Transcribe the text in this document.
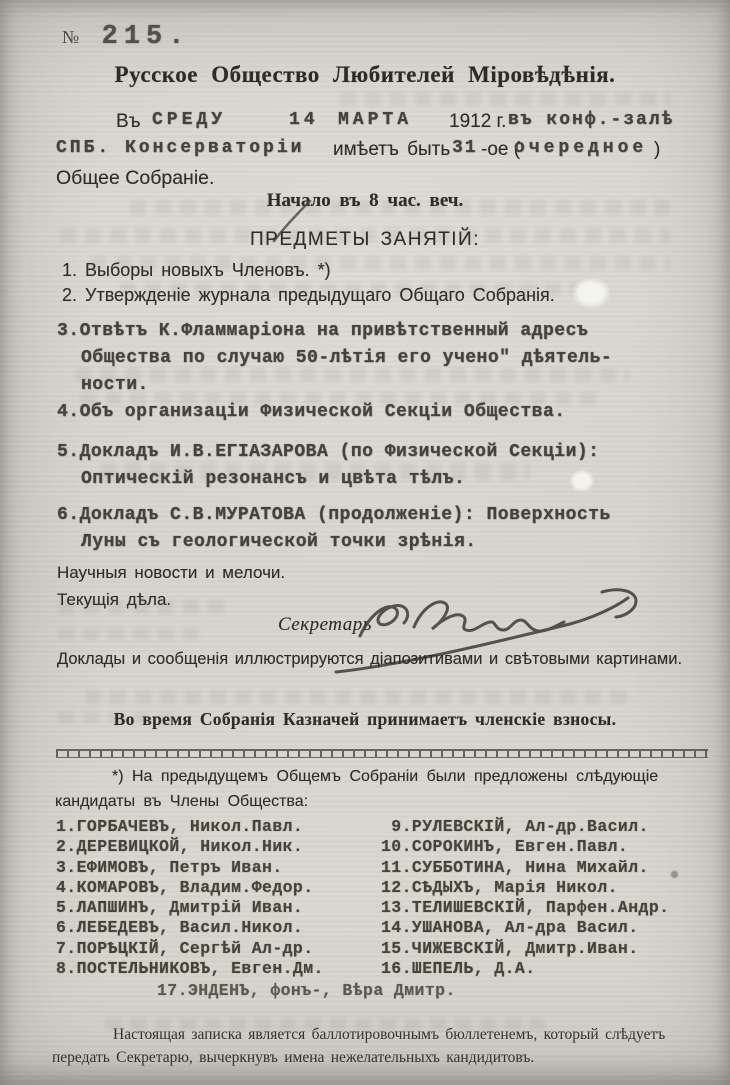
№ 215.
Русское Общество Любителей Міровѣдѣнія.
Въ СРЕДУ	14 МАРТА 1912 г. въ конф.-залѣ
СПБ. Консерваторіи имѣетъ быть 31 -ое (
очередное )
Общее Собраніе.
Начало въ 8 час. веч.
ПРЕДМЕТЫ ЗАНЯТІЙ:
1. Выборы новыхъ Членовъ. *)
2. Утвержденіе журнала предыдущаго Общаго Собранія.
3.Отвѣтъ К.Фламмаріона на привѣтственный адресъ
Общества по случаю 50-лѣтія его учено" дѣятель-
ности.
4.Объ организаціи Физической Секціи Общества.
5.Докладъ И.В.ЕГІАЗАРОВА (по Физической Секціи):
Оптическій резонансъ и цвѣта тѣлъ.
6.Докладъ С.В.МУРАТОВА (продолженіе): Поверхность
Луны съ геологической точки зрѣнія.
Научныя новости и мелочи.
Текущія дѣла.
Секретарь
Доклады и сообщенія иллюстрируются діапозитивами и свѣтовыми картинами.
Во время Собранія Казначей принимаетъ членскіе взносы.
*) На предыдущемъ Общемъ Собраніи были предложены слѣдующіе
кандидаты въ Члены Общества:
1.ГОРБАЧЕВЪ, Никол.Павл.
2.ДЕРЕВИЦКОЙ, Никол.Ник.
3.ЕФИМОВЪ, Петръ Иван.
4.КОМАРОВЪ, Владим.Федор.
5.ЛАПШИНЪ, Дмитрій Иван.
6.ЛЕБЕДЕВЪ, Васил.Никол.
7.ПОРѢЦКІЙ, Сергѣй Ал-др.
8.ПОСТЕЛЬНИКОВЪ, Евген.Дм.
9.РУЛЕВСКІЙ, Ал-др.Васил.
10.СОРОКИНЪ, Евген.Павл.
11.СУББОТИНА, Нина Михайл.
12.СѢДЫХЪ, Марія Никол.
13.ТЕЛИШЕВСКІЙ, Парфен.Андр.
14.УШАНОВА, Ал-дра Васил.
15.ЧИЖЕВСКІЙ, Дмитр.Иван.
16.ШЕПЕЛЬ, Д.А.
17.ЭНДЕНЪ, фонъ-, Вѣра Дмитр.
Настоящая записка является баллотировочнымъ бюллетенемъ, который слѣдуетъ
передать Секретарю, вычеркнувъ имена нежелательныхъ кандидитовъ.
